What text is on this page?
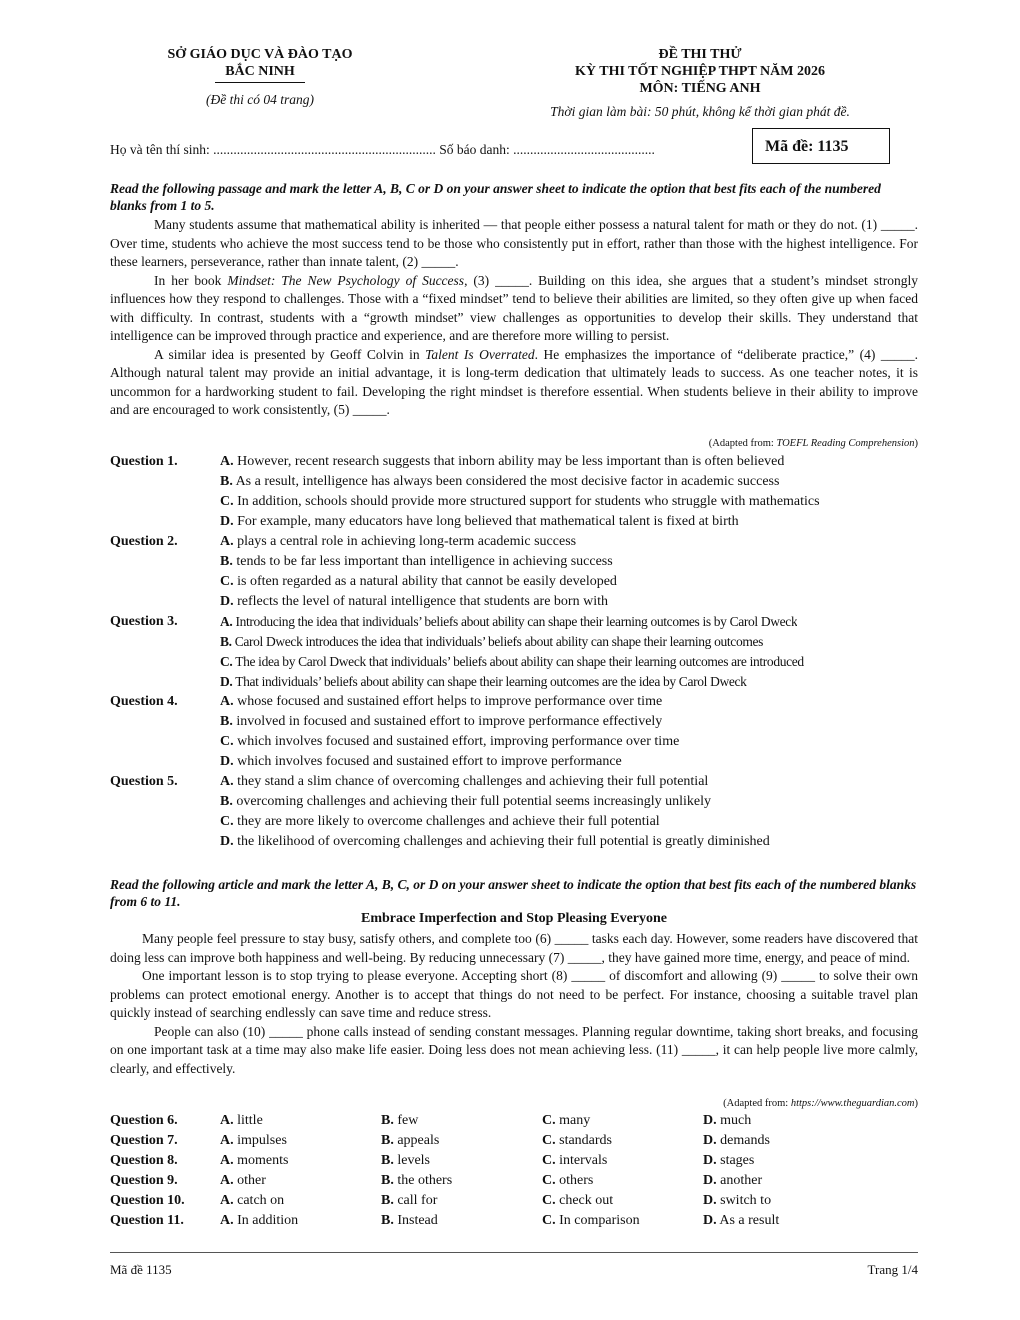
SỞ GIÁO DỤC VÀ ĐÀO TẠO
BẮC NINH
(Đề thi có 04 trang)
ĐỀ THI THỬ
KỲ THI TỐT NGHIỆP THPT NĂM 2026
MÔN: TIẾNG ANH
Thời gian làm bài: 50 phút, không kể thời gian phát đề.
Họ và tên thí sinh: .................................................................. Số báo danh: ..........................................	Mã đề: 1135
Read the following passage and mark the letter A, B, C or D on your answer sheet to indicate the option that best fits each of the numbered blanks from 1 to 5.

Many students assume that mathematical ability is inherited — that people either possess a natural talent for math or they do not. (1) _____. Over time, students who achieve the most success tend to be those who consistently put in effort, rather than those with the highest intelligence. For these learners, perseverance, rather than innate talent, (2) _____.

In her book Mindset: The New Psychology of Success, (3) _____. Building on this idea, she argues that a student’s mindset strongly influences how they respond to challenges. Those with a “fixed mindset” tend to believe their abilities are limited, so they often give up when faced with difficulty. In contrast, students with a “growth mindset” view challenges as opportunities to develop their skills. They understand that intelligence can be improved through practice and experience, and are therefore more willing to persist.

A similar idea is presented by Geoff Colvin in Talent Is Overrated. He emphasizes the importance of “deliberate practice,” (4) _____. Although natural talent may provide an initial advantage, it is long-term dedication that ultimately leads to success. As one teacher notes, it is uncommon for a hardworking student to fail. Developing the right mindset is therefore essential. When students believe in their ability to improve and are encouraged to work consistently, (5) _____.

(Adapted from: TOEFL Reading Comprehension)
Question 1.	A. However, recent research suggests that inborn ability may be less important than is often believed
B. As a result, intelligence has always been considered the most decisive factor in academic success
C. In addition, schools should provide more structured support for students who struggle with mathematics
D. For example, many educators have long believed that mathematical talent is fixed at birth
Question 2.	A. plays a central role in achieving long-term academic success
B. tends to be far less important than intelligence in achieving success
C. is often regarded as a natural ability that cannot be easily developed
D. reflects the level of natural intelligence that students are born with
Question 3.	A. Introducing the idea that individuals’ beliefs about ability can shape their learning outcomes is by Carol Dweck
B. Carol Dweck introduces the idea that individuals’ beliefs about ability can shape their learning outcomes
C. The idea by Carol Dweck that individuals’ beliefs about ability can shape their learning outcomes are introduced
D. That individuals’ beliefs about ability can shape their learning outcomes are the idea by Carol Dweck
Question 4.	A. whose focused and sustained effort helps to improve performance over time
B. involved in focused and sustained effort to improve performance effectively
C. which involves focused and sustained effort, improving performance over time
D. which involves focused and sustained effort to improve performance
Question 5.	A. they stand a slim chance of overcoming challenges and achieving their full potential
B. overcoming challenges and achieving their full potential seems increasingly unlikely
C. they are more likely to overcome challenges and achieve their full potential
D. the likelihood of overcoming challenges and achieving their full potential is greatly diminished
Read the following article and mark the letter A, B, C, or D on your answer sheet to indicate the option that best fits each of the numbered blanks from 6 to 11.
Embrace Imperfection and Stop Pleasing Everyone

Many people feel pressure to stay busy, satisfy others, and complete too (6) _____ tasks each day. However, some readers have discovered that doing less can improve both happiness and well-being. By reducing unnecessary (7) _____, they have gained more time, energy, and peace of mind.

One important lesson is to stop trying to please everyone. Accepting short (8) _____ of discomfort and allowing (9) _____ to solve their own problems can protect emotional energy. Another is to accept that things do not need to be perfect. For instance, choosing a suitable travel plan quickly instead of searching endlessly can save time and reduce stress.

People can also (10) _____ phone calls instead of sending constant messages. Planning regular downtime, taking short breaks, and focusing on one important task at a time may also make life easier. Doing less does not mean achieving less. (11) _____, it can help people live more calmly, clearly, and effectively.

(Adapted from: https://www.theguardian.com)
Question 6.	A. little	B. few	C. many	D. much
Question 7.	A. impulses	B. appeals	C. standards	D. demands
Question 8.	A. moments	B. levels	C. intervals	D. stages
Question 9.	A. other	B. the others	C. others	D. another
Question 10.	A. catch on	B. call for	C. check out	D. switch to
Question 11.	A. In addition	B. Instead	C. In comparison	D. As a result
Mã đề 1135	Trang 1/4
